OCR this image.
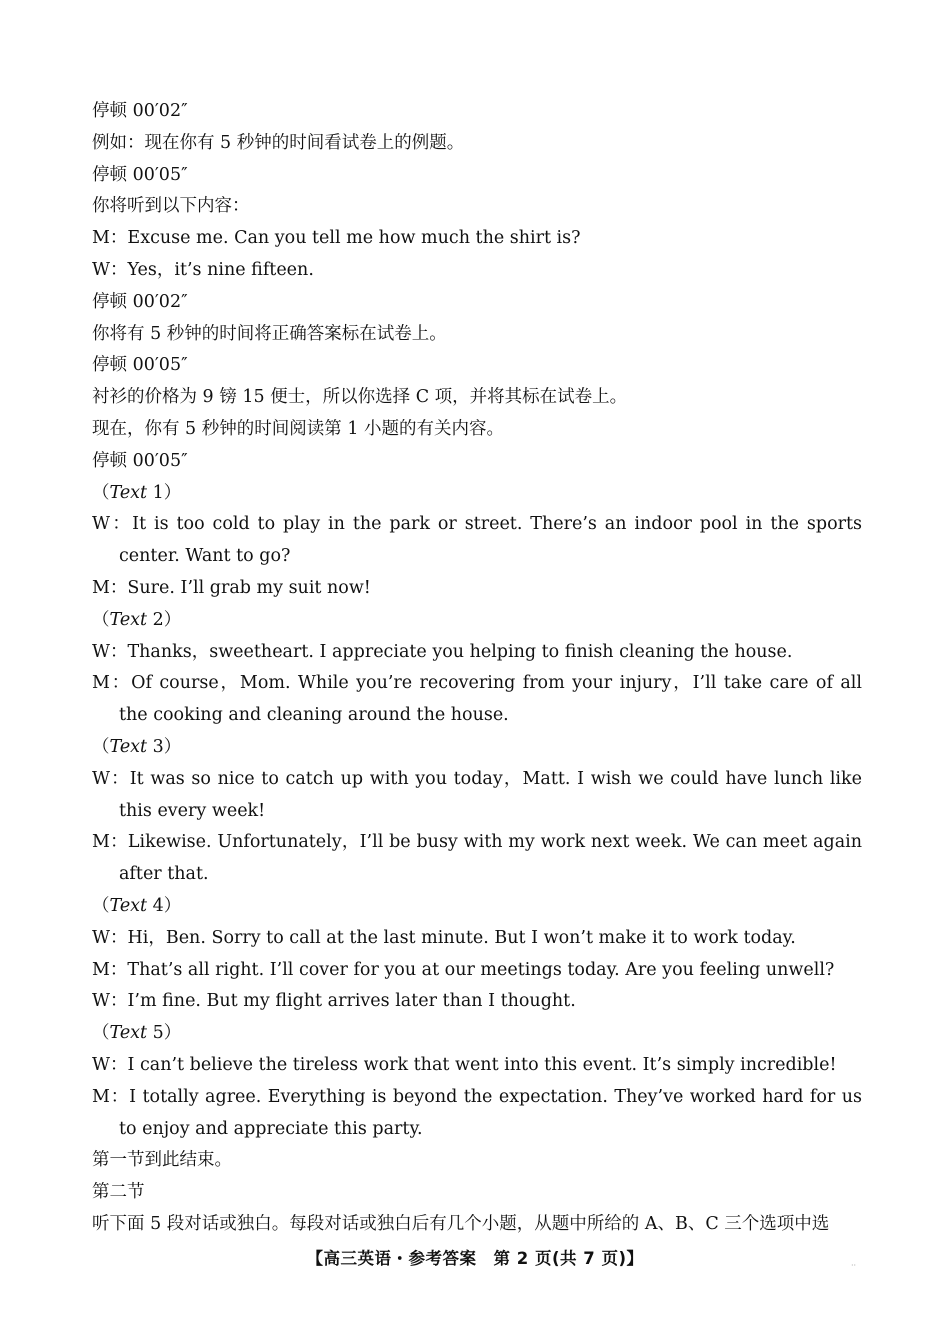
停顿 00′02″
例如：现在你有 5 秒钟的时间看试卷上的例题。
停顿 00′05″
你将听到以下内容：
M：Excuse me. Can you tell me how much the shirt is?
W：Yes，it’s nine fifteen.
停顿 00′02″
你将有 5 秒钟的时间将正确答案标在试卷上。
停顿 00′05″
衬衫的价格为 9 镑 15 便士，所以你选择 C 项，并将其标在试卷上。
现在，你有 5 秒钟的时间阅读第 1 小题的有关内容。
停顿 00′05″
（Text 1）
W：It is too cold to play in the park or street. There’s an indoor pool in the sports center. Want to go?
M：Sure. I’ll grab my suit now!
（Text 2）
W：Thanks，sweetheart. I appreciate you helping to finish cleaning the house.
M：Of course，Mom. While you’re recovering from your injury，I’ll take care of all the cooking and cleaning around the house.
（Text 3）
W：It was so nice to catch up with you today，Matt. I wish we could have lunch like this every week!
M：Likewise. Unfortunately，I’ll be busy with my work next week. We can meet again after that.
（Text 4）
W：Hi，Ben. Sorry to call at the last minute. But I won’t make it to work today.
M：That’s all right. I’ll cover for you at our meetings today. Are you feeling unwell?
W：I’m fine. But my flight arrives later than I thought.
（Text 5）
W：I can’t believe the tireless work that went into this event. It’s simply incredible!
M：I totally agree. Everything is beyond the expectation. They’ve worked hard for us to enjoy and appreciate this party.
第一节到此结束。
第二节
听下面 5 段对话或独白。每段对话或独白后有几个小题，从题中所给的 A、B、C 三个选项中选
【高三英语・参考答案　第 2 页(共 7 页)】	··
